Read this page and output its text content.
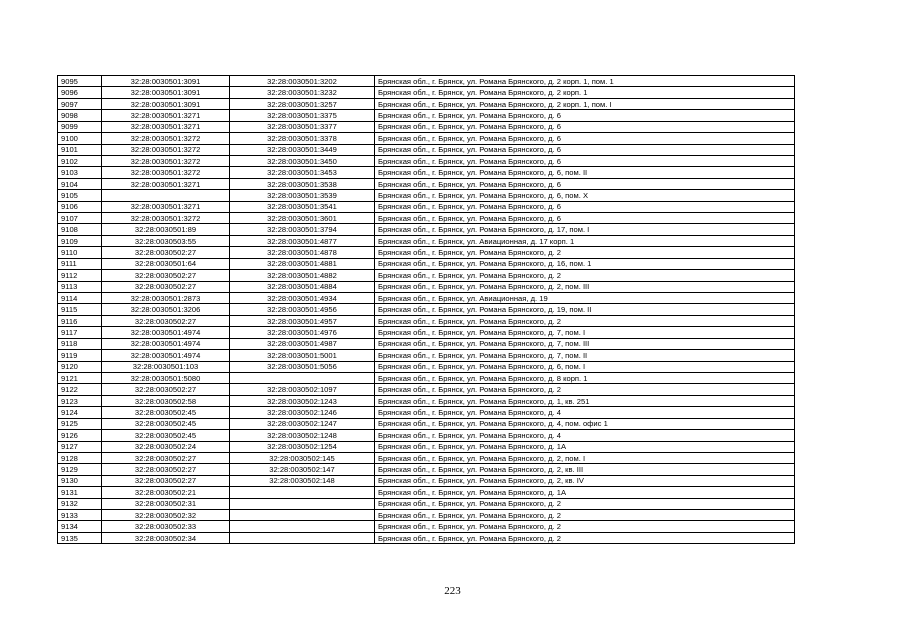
9095	32:28:0030501:3091	32:28:0030501:3202	Брянская обл., г. Брянск, ул. Романа Брянского, д. 2 корп. 1, пом. 1
9096	32:28:0030501:3091	32:28:0030501:3232	Брянская обл., г. Брянск, ул. Романа Брянского, д. 2 корп. 1
9097	32:28:0030501:3091	32:28:0030501:3257	Брянская обл., г. Брянск, ул. Романа Брянского, д. 2 корп. 1, пом. I
9098	32:28:0030501:3271	32:28:0030501:3375	Брянская обл., г. Брянск, ул. Романа Брянского, д. 6
9099	32:28:0030501:3271	32:28:0030501:3377	Брянская обл., г. Брянск, ул. Романа Брянского, д. 6
9100	32:28:0030501:3272	32:28:0030501:3378	Брянская обл., г. Брянск, ул. Романа Брянского, д. 6
9101	32:28:0030501:3272	32:28:0030501:3449	Брянская обл., г. Брянск, ул. Романа Брянского, д. 6
9102	32:28:0030501:3272	32:28:0030501:3450	Брянская обл., г. Брянск, ул. Романа Брянского, д. 6
9103	32:28:0030501:3272	32:28:0030501:3453	Брянская обл., г. Брянск, ул. Романа Брянского, д. 6, пом. II
9104	32:28:0030501:3271	32:28:0030501:3538	Брянская обл., г. Брянск, ул. Романа Брянского, д. 6
9105		32:28:0030501:3539	Брянская обл., г. Брянск, ул. Романа Брянского, д. 6, пом. X
9106	32:28:0030501:3271	32:28:0030501:3541	Брянская обл., г. Брянск, ул. Романа Брянского, д. 6
9107	32:28:0030501:3272	32:28:0030501:3601	Брянская обл., г. Брянск, ул. Романа Брянского, д. 6
9108	32:28:0030501:89	32:28:0030501:3794	Брянская обл., г. Брянск, ул. Романа Брянского, д. 17, пом. I
9109	32:28:0030503:55	32:28:0030501:4877	Брянская обл., г. Брянск, ул. Авиационная, д. 17 корп. 1
9110	32:28:0030502:27	32:28:0030501:4878	Брянская обл., г. Брянск, ул. Романа Брянского, д. 2
9111	32:28:0030501:64	32:28:0030501:4881	Брянская обл., г. Брянск, ул. Романа Брянского, д. 16, пом. 1
9112	32:28:0030502:27	32:28:0030501:4882	Брянская обл., г. Брянск, ул. Романа Брянского, д. 2
9113	32:28:0030502:27	32:28:0030501:4884	Брянская обл., г. Брянск, ул. Романа Брянского, д. 2, пом. III
9114	32:28:0030501:2873	32:28:0030501:4934	Брянская обл., г. Брянск, ул. Авиационная, д. 19
9115	32:28:0030501:3206	32:28:0030501:4956	Брянская обл., г. Брянск, ул. Романа Брянского, д. 19, пом. II
9116	32:28:0030502:27	32:28:0030501:4957	Брянская обл., г. Брянск, ул. Романа Брянского, д. 2
9117	32:28:0030501:4974	32:28:0030501:4976	Брянская обл., г. Брянск, ул. Романа Брянского, д. 7, пом. I
9118	32:28:0030501:4974	32:28:0030501:4987	Брянская обл., г. Брянск, ул. Романа Брянского, д. 7, пом. III
9119	32:28:0030501:4974	32:28:0030501:5001	Брянская обл., г. Брянск, ул. Романа Брянского, д. 7, пом. II
9120	32:28:0030501:103	32:28:0030501:5056	Брянская обл., г. Брянск, ул. Романа Брянского, д. 6, пом. I
9121	32:28:0030501:5080		Брянская обл., г. Брянск, ул. Романа Брянского, д. 8 корп. 1
9122	32:28:0030502:27	32:28:0030502:1097	Брянская обл., г. Брянск, ул. Романа Брянского, д. 2
9123	32:28:0030502:58	32:28:0030502:1243	Брянская обл., г. Брянск, ул. Романа Брянского, д. 1, кв. 251
9124	32:28:0030502:45	32:28:0030502:1246	Брянская обл., г. Брянск, ул. Романа Брянского, д. 4
9125	32:28:0030502:45	32:28:0030502:1247	Брянская обл., г. Брянск, ул. Романа Брянского, д. 4, пом. офис 1
9126	32:28:0030502:45	32:28:0030502:1248	Брянская обл., г. Брянск, ул. Романа Брянского, д. 4
9127	32:28:0030502:24	32:28:0030502:1254	Брянская обл., г. Брянск, ул. Романа Брянского, д. 1А
9128	32:28:0030502:27	32:28:0030502:145	Брянская обл., г. Брянск, ул. Романа Брянского, д. 2, пом. I
9129	32:28:0030502:27	32:28:0030502:147	Брянская обл., г. Брянск, ул. Романа Брянского, д. 2, кв. III
9130	32:28:0030502:27	32:28:0030502:148	Брянская обл., г. Брянск, ул. Романа Брянского, д. 2, кв. IV
9131	32:28:0030502:21		Брянская обл., г. Брянск, ул. Романа Брянского, д. 1А
9132	32:28:0030502:31		Брянская обл., г. Брянск, ул. Романа Брянского, д. 2
9133	32:28:0030502:32		Брянская обл., г. Брянск, ул. Романа Брянского, д. 2
9134	32:28:0030502:33		Брянская обл., г. Брянск, ул. Романа Брянского, д. 2
9135	32:28:0030502:34		Брянская обл., г. Брянск, ул. Романа Брянского, д. 2
223
